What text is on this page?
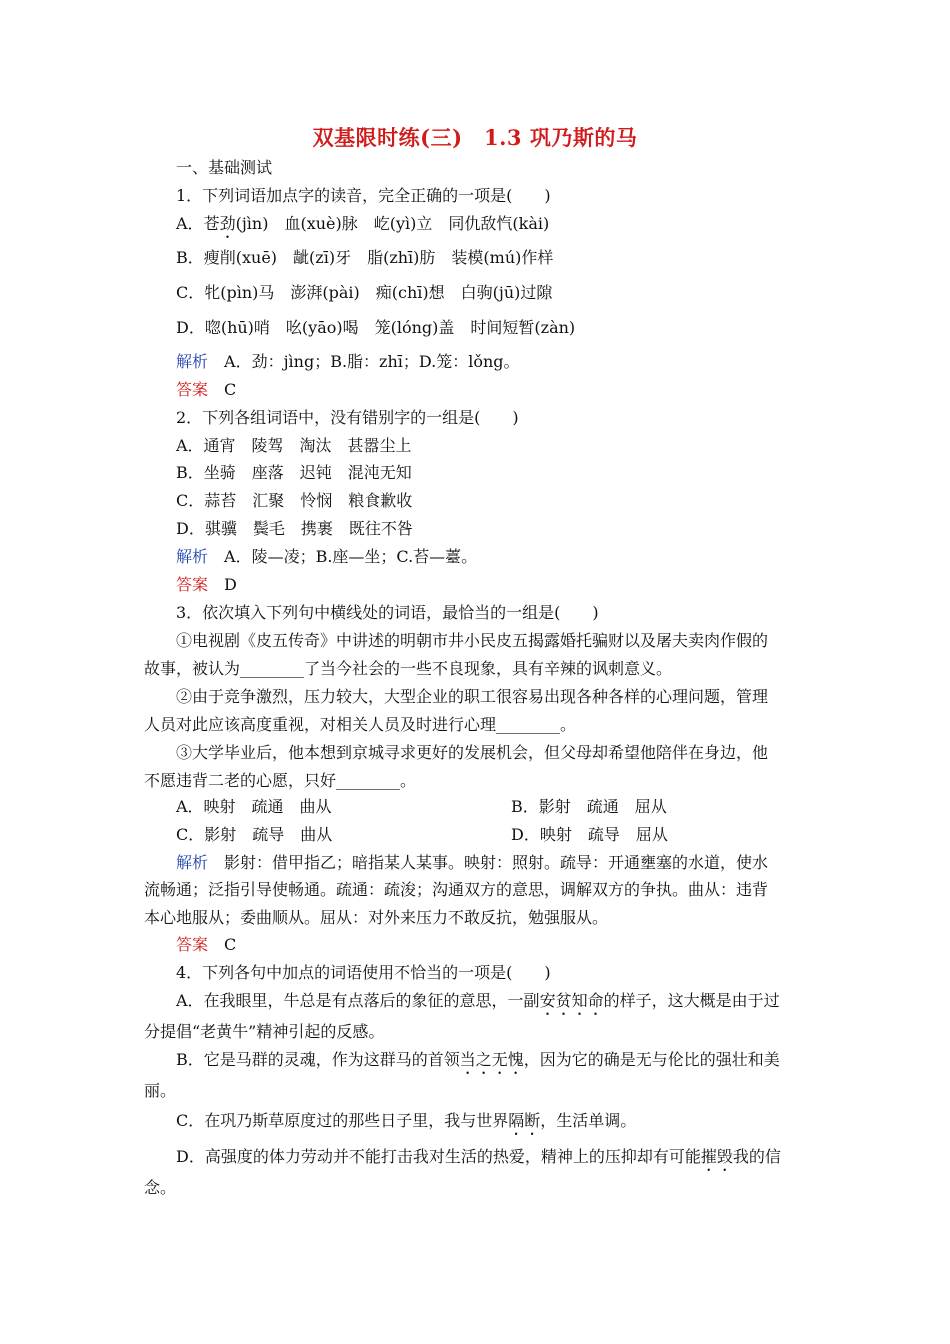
双基限时练(三)　1.3 巩乃斯的马
一、基础测试
1．下列词语加点字的读音，完全正确的一项是(　　)
A．苍劲(jìn)　血(xuè)脉　屹(yì)立　同仇敌忾(kài)
B．瘦削(xuē)　龇(zī)牙　脂(zhī)肪　装模(mú)作样
C．牝(pìn)马　澎湃(pài)　痴(chī)想　白驹(jū)过隙
D．唿(hū)哨　吆(yāo)喝　笼(lóng)盖　时间短暂(zàn)
解析　A．劲：jìng；B.脂：zhī；D.笼：lǒng。
答案　C
2．下列各组词语中，没有错别字的一组是(　　)
A．通宵　陵驾　淘汰　甚嚣尘上
B．坐骑　座落　迟钝　混沌无知
C．蒜苔　汇聚　怜悯　粮食歉收
D．骐骥　鬓毛　携裹　既往不咎
解析　A．陵—凌；B.座—坐；C.苔—薹。
答案　D
3．依次填入下列句中横线处的词语，最恰当的一组是(　　)
①电视剧《皮五传奇》中讲述的明朝市井小民皮五揭露婚托骗财以及屠夫卖肉作假的
故事，被认为________了当今社会的一些不良现象，具有辛辣的讽刺意义。
②由于竞争激烈，压力较大，大型企业的职工很容易出现各种各样的心理问题，管理
人员对此应该高度重视，对相关人员及时进行心理________。
③大学毕业后，他本想到京城寻求更好的发展机会，但父母却希望他陪伴在身边，他
不愿违背二老的心愿，只好________。
A．映射　疏通　曲从	B．影射　疏通　屈从
C．影射　疏导　曲从	D．映射　疏导　屈从
解析　影射：借甲指乙；暗指某人某事。映射：照射。疏导：开通壅塞的水道，使水
流畅通；泛指引导使畅通。疏通：疏浚；沟通双方的意思，调解双方的争执。曲从：违背
本心地服从；委曲顺从。屈从：对外来压力不敢反抗，勉强服从。
答案　C
4．下列各句中加点的词语使用不恰当的一项是(　　)
A．在我眼里，牛总是有点落后的象征的意思，一副安贫知命的样子，这大概是由于过
分提倡“老黄牛”精神引起的反感。
B．它是马群的灵魂，作为这群马的首领当之无愧，因为它的确是无与伦比的强壮和美
丽。
C．在巩乃斯草原度过的那些日子里，我与世界隔断，生活单调。
D．高强度的体力劳动并不能打击我对生活的热爱，精神上的压抑却有可能摧毁我的信
念。
